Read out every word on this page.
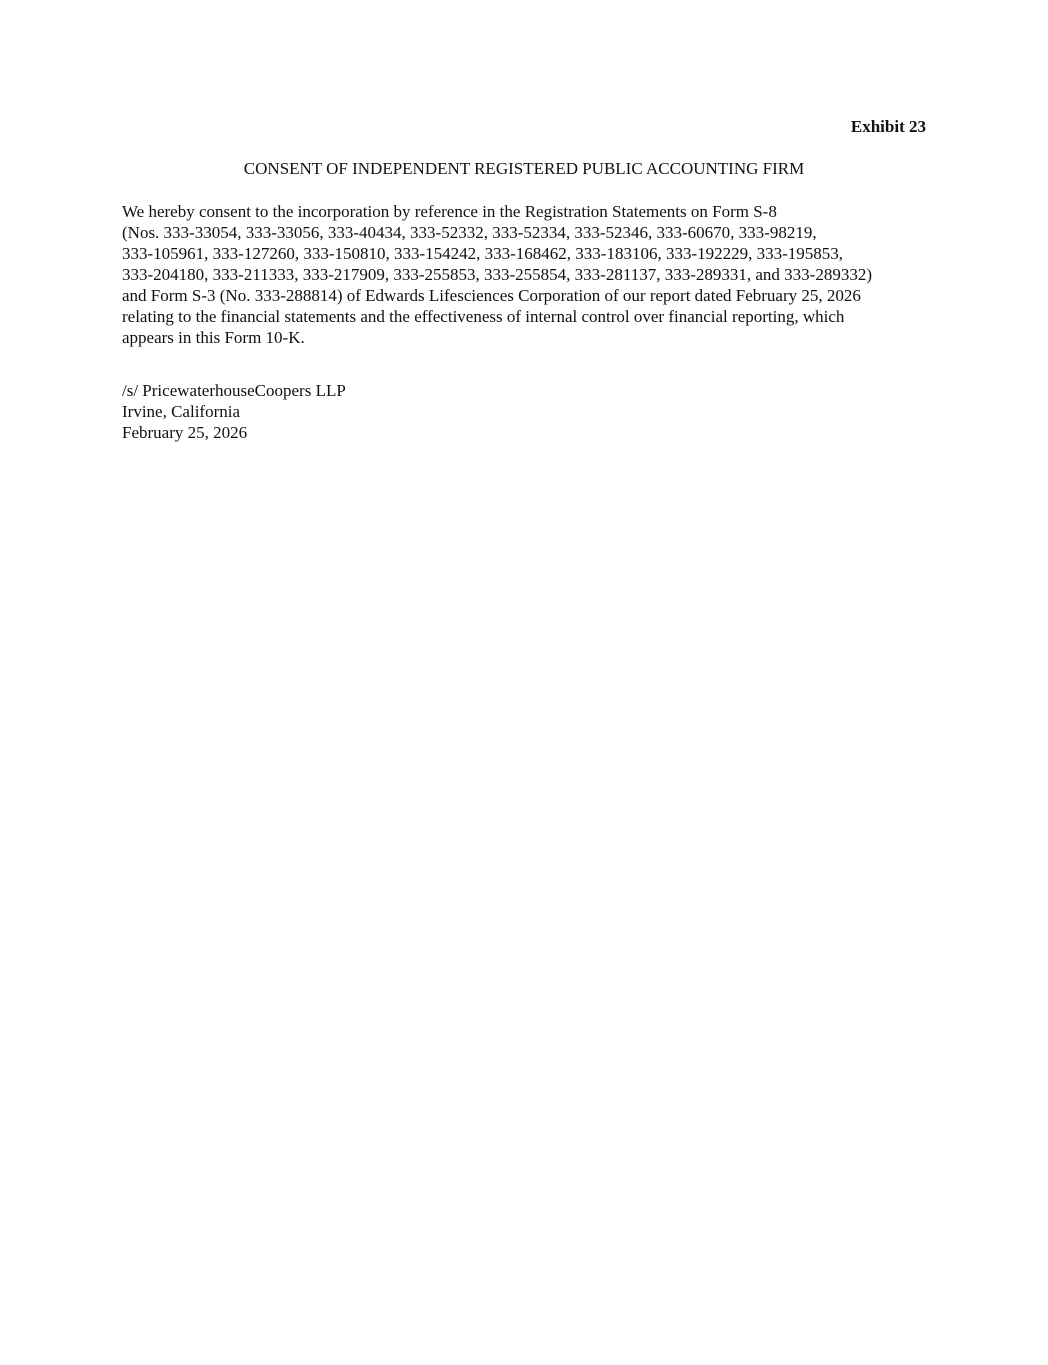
Exhibit 23
CONSENT OF INDEPENDENT REGISTERED PUBLIC ACCOUNTING FIRM
We hereby consent to the incorporation by reference in the Registration Statements on Form S-8
(Nos. 333-33054, 333-33056, 333-40434, 333-52332, 333-52334, 333-52346, 333-60670, 333-98219,
333-105961, 333-127260, 333-150810, 333-154242, 333-168462, 333-183106, 333-192229, 333-195853,
333-204180, 333-211333, 333-217909, 333-255853, 333-255854, 333-281137, 333-289331, and 333-289332)
and Form S-3 (No. 333-288814) of Edwards Lifesciences Corporation of our report dated February 25, 2026
relating to the financial statements and the effectiveness of internal control over financial reporting, which
appears in this Form 10-K.
/s/ PricewaterhouseCoopers LLP
Irvine, California
February 25, 2026
